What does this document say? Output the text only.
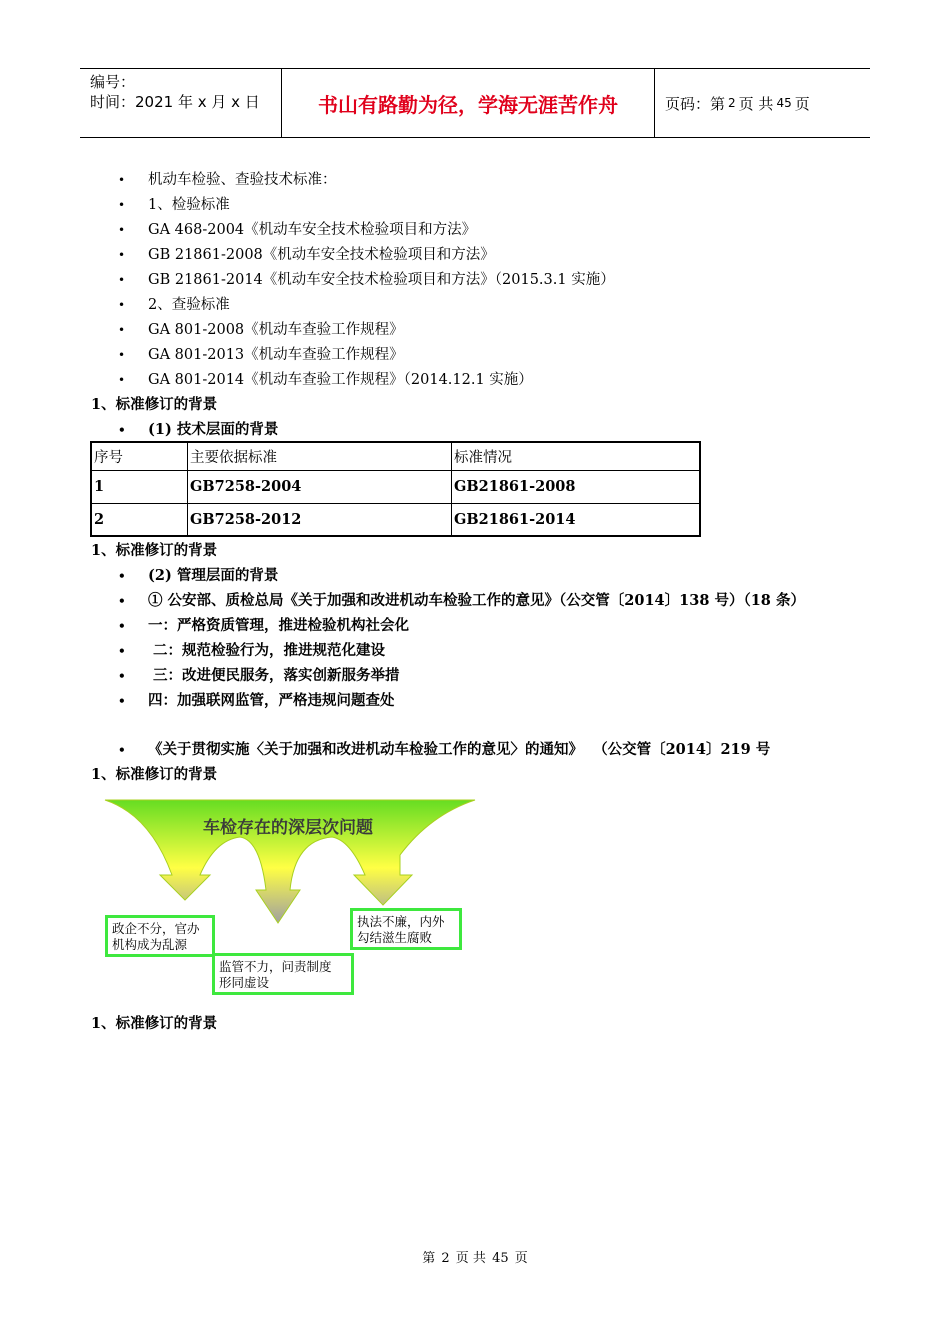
编号：
时间：2021 年 x 月 x 日	书山有路勤为径，学海无涯苦作舟	页码：第 2 页 共 45 页
• 机动车检验、查验技术标准：
• 1、检验标准
• GA 468-2004《机动车安全技术检验项目和方法》
• GB 21861-2008《机动车安全技术检验项目和方法》
• GB 21861-2014《机动车安全技术检验项目和方法》（2015.3.1 实施）
• 2、查验标准
• GA 801-2008《机动车查验工作规程》
• GA 801-2013《机动车查验工作规程》
• GA 801-2014《机动车查验工作规程》（2014.12.1 实施）
1、标准修订的背景
• (1) 技术层面的背景
序号	主要依据标准	标准情况
1	GB7258-2004	GB21861-2008
2	GB7258-2012	GB21861-2014
1、标准修订的背景
• (2) 管理层面的背景
• ① 公安部、质检总局《关于加强和改进机动车检验工作的意见》（公交管〔2014〕138 号）（18 条）
• 一：严格资质管理，推进检验机构社会化
• 二：规范检验行为，推进规范化建设
• 三：改进便民服务，落实创新服务举措
• 四：加强联网监管，严格违规问题查处
• 《关于贯彻实施〈关于加强和改进机动车检验工作的意见〉的通知》  （公交管〔2014〕219 号
1、标准修订的背景
车检存在的深层次问题
政企不分，官办
机构成为乱源
监管不力，问责制度
形同虚设
执法不廉，内外
勾结滋生腐败
1、标准修订的背景
第 2 页 共 45 页
